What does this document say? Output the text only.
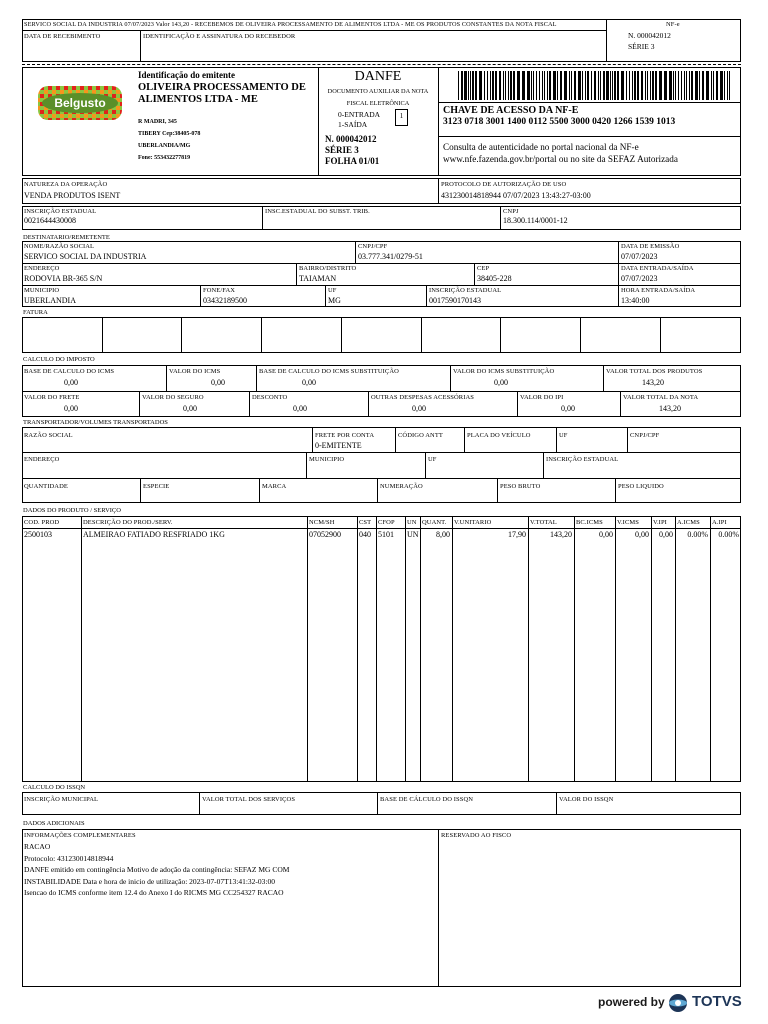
SERVICO SOCIAL DA INDUSTRIA 07/07/2023 Valor 143,20 - RECEBEMOS DE OLIVEIRA PROCESSAMENTO DE ALIMENTOS LTDA - ME OS PRODUTOS CONSTANTES DA NOTA FISCAL
DATA DE RECEBIMENTO	IDENTIFICAÇÃO E ASSINATURA DO RECEBEDOR
NF-e
N. 000042012
SÉRIE 3
Belgusto
Identificação do emitente
OLIVEIRA PROCESSAMENTO DE ALIMENTOS LTDA - ME
R MADRI, 345
TIBERY Cep:38405-078
UBERLANDIA/MG
Fone: 553432277819
DANFE
DOCUMENTO AUXILIAR DA NOTA FISCAL ELETRÔNICA
0-ENTRADA
1-SAÍDA
1
N. 000042012
SÉRIE 3
FOLHA 01/01
CHAVE DE ACESSO DA NF-E
3123 0718 3001 1400 0112 5500 3000 0420 1266 1539 1013
Consulta de autenticidade no portal nacional da NF-e www.nfe.fazenda.gov.br/portal ou no site da SEFAZ Autorizada
NATUREZA DA OPERAÇÃO
VENDA PRODUTOS ISENT
PROTOCOLO DE AUTORIZAÇÃO DE USO
431230014818944 07/07/2023 13:43:27-03:00
INSCRIÇÃO ESTADUAL
0021644430008
INSC.ESTADUAL DO SUBST. TRIB.	CNPJ
18.300.114/0001-12
DESTINATARIO/REMETENTE
NOME/RAZÃO SOCIAL
SERVICO SOCIAL DA INDUSTRIA
CNPJ/CPF
03.777.341/0279-51
DATA DE EMISSÃO
07/07/2023
ENDEREÇO
RODOVIA BR-365 S/N
BAIRRO/DISTRITO
TAIAMAN
CEP
38405-228
DATA ENTRADA/SAÍDA
07/07/2023
MUNICIPIO
UBERLANDIA
FONE/FAX
03432189500
UF
MG
INSCRIÇÃO ESTADUAL
0017590170143
HORA ENTRADA/SAÍDA
13:40:00
FATURA
CALCULO DO IMPOSTO
BASE DE CALCULO DO ICMS
0,00
VALOR DO ICMS
0,00
BASE DE CALCULO DO ICMS SUBSTITUIÇÃO
0,00
VALOR DO ICMS SUBSTITUIÇÃO
0,00
VALOR TOTAL DOS PRODUTOS
143,20
VALOR DO FRETE
0,00
VALOR DO SEGURO
0,00
DESCONTO
0,00
OUTRAS DESPESAS ACESSÓRIAS
0,00
VALOR DO IPI
0,00
VALOR TOTAL DA NOTA
143,20
TRANSPORTADOR/VOLUMES TRANSPORTADOS
RAZÃO SOCIAL	FRETE POR CONTA
0-EMITENTE
CÓDIGO ANTT	PLACA DO VEÍCULO	UF	CNPJ/CPF
ENDEREÇO	MUNICIPIO	UF	INSCRIÇÃO ESTADUAL
QUANTIDADE	ESPECIE	MARCA	NUMERAÇÃO	PESO BRUTO	PESO LIQUIDO
DADOS DO PRODUTO / SERVIÇO
COD. PROD	DESCRIÇÃO DO PROD./SERV.	NCM/SH	CST CFOP UN QUANT. V.UNITARIO	V.TOTAL	BC.ICMS V.ICMS V.IPI A.ICMS A.IPI
2500103	ALMEIRAO FATIADO RESFRIADO 1KG	07052900 040 5101 UN	8,00	17,90	143,20	0,00	0,00	0,00	0.00%	0.00%
CALCULO DO ISSQN
INSCRIÇÃO MUNICIPAL	VALOR TOTAL DOS SERVIÇOS	BASE DE CÁLCULO DO ISSQN	VALOR DO ISSQN
DADOS ADICIONAIS
INFORMAÇÕES COMPLEMENTARES	RESERVADO AO FISCO
RACAO
Protocolo: 431230014818944
DANFE emitido em contingência Motivo de adoção da contingência: SEFAZ MG COM
INSTABILIDADE Data e hora de inicio de utilização: 2023-07-07T13:41:32-03:00
Isencao do ICMS conforme item 12.4 do Anexo I do RICMS MG CC254327 RACAO
powered by TOTVS
